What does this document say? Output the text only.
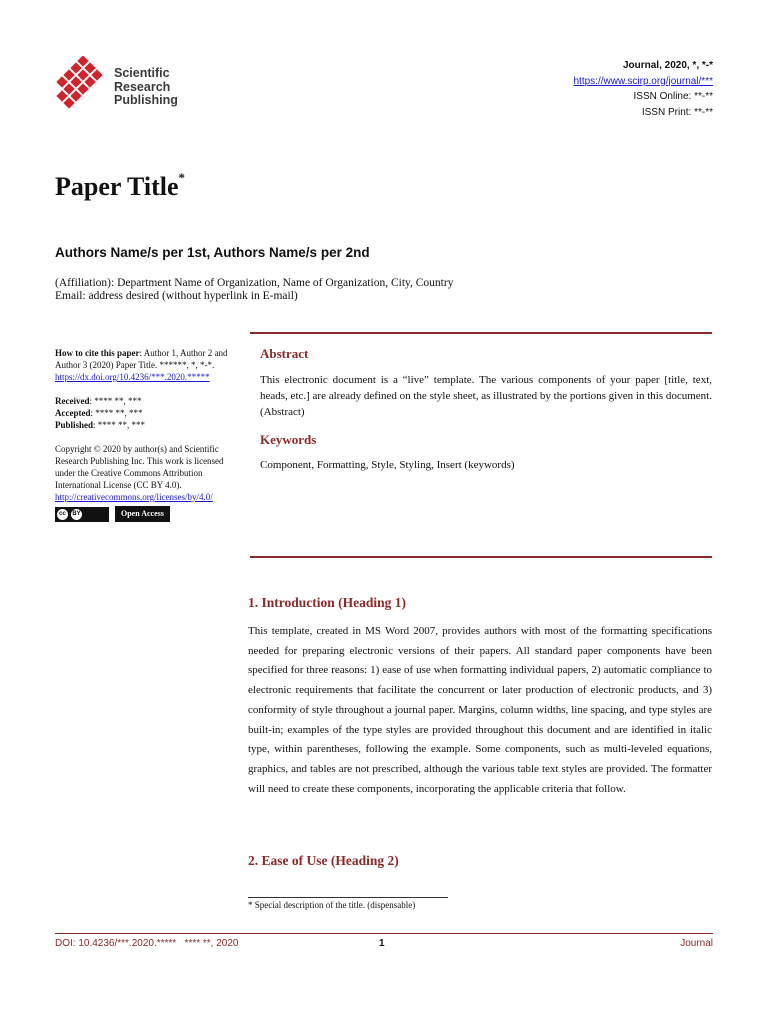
Scientific
Research
Publishing
Journal, 2020, *, *-*
https://www.scirp.org/journal/***
ISSN Online: **-**
ISSN Print: **-**
Paper Title*
Authors Name/s per 1st, Authors Name/s per 2nd
(Affiliation): Department Name of Organization, Name of Organization, City, Country
Email: address desired (without hyperlink in E-mail)

How to cite this paper: Author 1, Author 2 and Author 3 (2020) Paper Title. ******, *, *-*.
https://dx.doi.org/10.4236/***.2020.*****

Received: **** **, ***

Accepted: **** **, ***

Published: **** **, ***

Copyright © 2020 by author(s) and Scientific Research Publishing Inc. This work is licensed under the Creative Commons Attribution International License (CC BY 4.0).

http://creativecommons.org/licenses/by/4.0/

cc	BY	Open Access
Abstract
This electronic document is a “live” template. The various components of your paper [title, text, heads, etc.] are already defined on the style sheet, as illustrated by the portions given in this document. (Abstract)
Keywords
Component, Formatting, Style, Styling, Insert (keywords)
1. Introduction (Heading 1)
This template, created in MS Word 2007, provides authors with most of the formatting specifications needed for preparing electronic versions of their papers. All standard paper components have been specified for three reasons: 1) ease of use when formatting individual papers, 2) automatic compliance to electronic requirements that facilitate the concurrent or later production of electronic products, and 3) conformity of style throughout a journal paper. Margins, column widths, line spacing, and type styles are built-in; examples of the type styles are provided throughout this document and are identified in italic type, within parentheses, following the example. Some components, such as multi-leveled equations, graphics, and tables are not prescribed, although the various table text styles are provided. The formatter will need to create these components, incorporating the applicable criteria that follow.
2. Ease of Use (Heading 2)
* Special description of the title. (dispensable)
DOI: 10.4236/***.2020.***** **** **, 2020	1	Journal
